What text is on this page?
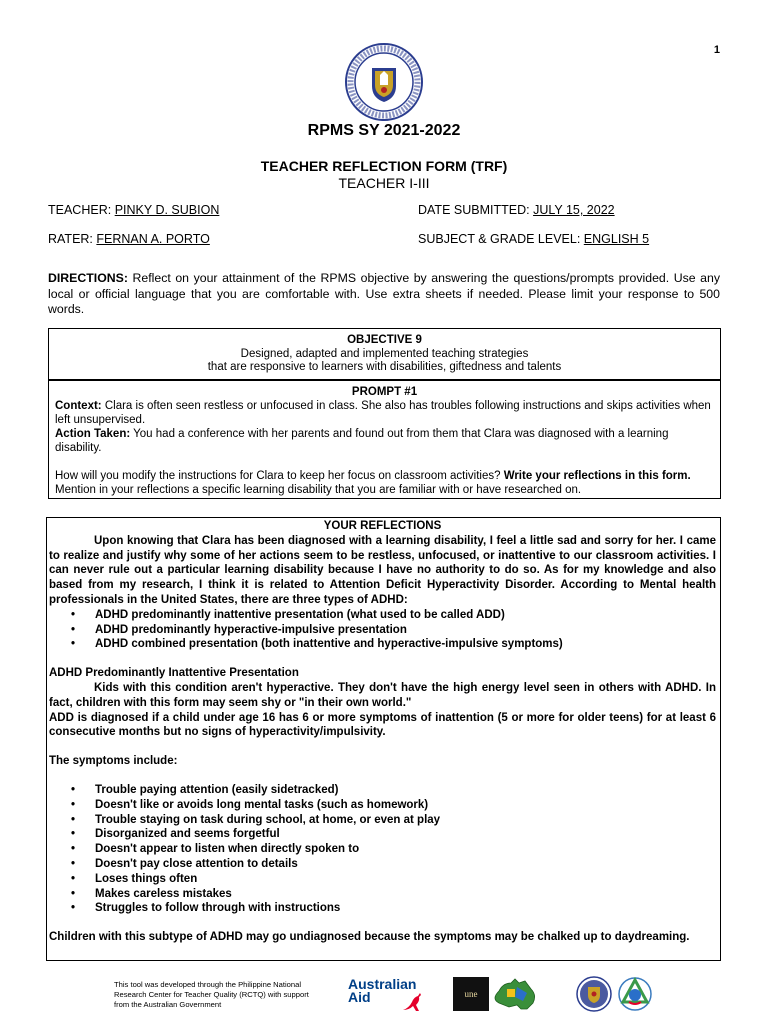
1
RPMS SY 2021-2022
TEACHER REFLECTION FORM (TRF)
TEACHER I-III
TEACHER: PINKY D. SUBION	DATE SUBMITTED: JULY 15, 2022
RATER: FERNAN A. PORTO	SUBJECT & GRADE LEVEL: ENGLISH 5
DIRECTIONS: Reflect on your attainment of the RPMS objective by answering the questions/prompts provided. Use any local or official language that you are comfortable with. Use extra sheets if needed. Please limit your response to 500 words.
OBJECTIVE 9
Designed, adapted and implemented teaching strategies
that are responsive to learners with disabilities, giftedness and talents
PROMPT #1
Context: Clara is often seen restless or unfocused in class. She also has troubles following instructions and skips activities when left unsupervised.
Action Taken: You had a conference with her parents and found out from them that Clara was diagnosed with a learning disability.
How will you modify the instructions for Clara to keep her focus on classroom activities? Write your reflections in this form. Mention in your reflections a specific learning disability that you are familiar with or have researched on.
YOUR REFLECTIONS

Upon knowing that Clara has been diagnosed with a learning disability, I feel a little sad and sorry for her. I came to realize and justify why some of her actions seem to be restless, unfocused, or inattentive to our classroom activities. I can never rule out a particular learning disability because I have no authority to do so. As for my knowledge and also based from my research, I think it is related to Attention Deficit Hyperactivity Disorder. According to Mental health professionals in the United States, there are three types of ADHD:

• ADHD predominantly inattentive presentation (what used to be called ADD)
• ADHD predominantly hyperactive-impulsive presentation
• ADHD combined presentation (both inattentive and hyperactive-impulsive symptoms)

ADHD Predominantly Inattentive Presentation

Kids with this condition aren't hyperactive. They don't have the high energy level seen in others with ADHD. In fact, children with this form may seem shy or "in their own world."

ADD is diagnosed if a child under age 16 has 6 or more symptoms of inattention (5 or more for older teens) for at least 6 consecutive months but no signs of hyperactivity/impulsivity.

The symptoms include:

• Trouble paying attention (easily sidetracked)
• Doesn't like or avoids long mental tasks (such as homework)
• Trouble staying on task during school, at home, or even at play
• Disorganized and seems forgetful
• Doesn't appear to listen when directly spoken to
• Doesn't pay close attention to details
• Loses things often
• Makes careless mistakes
• Struggles to follow through with instructions

Children with this subtype of ADHD may go undiagnosed because the symptoms may be chalked up to daydreaming.

This tool was developed through the Philippine National Research Center for Teacher Quality (RCTQ) with support from the Australian Government
Australian
Aid	une
